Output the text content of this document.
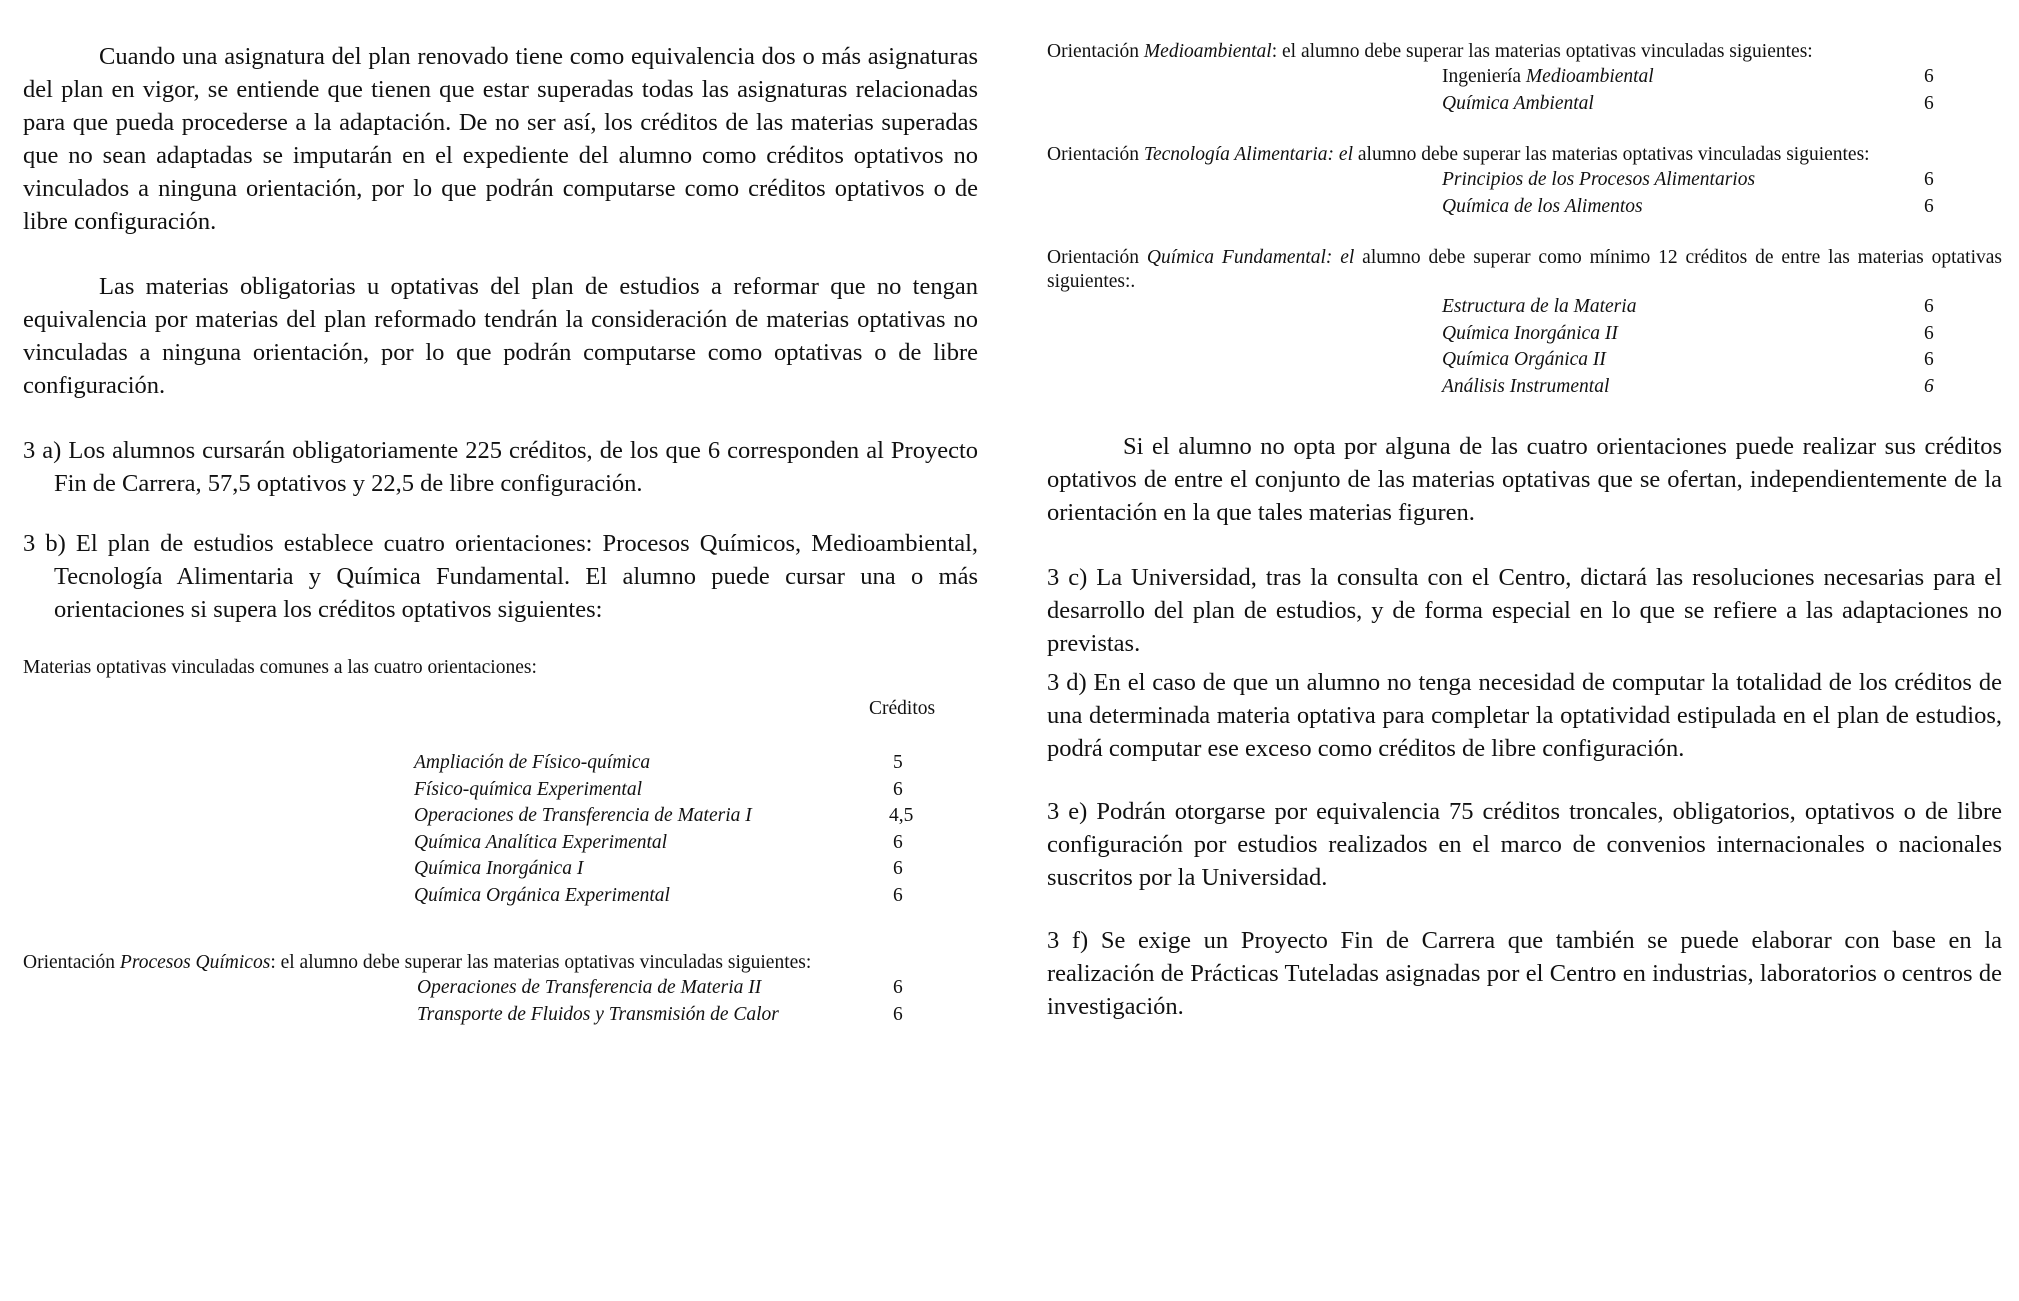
Cuando una asignatura del plan renovado tiene como equivalencia dos o más asignaturas del plan en vigor, se entiende que tienen que estar superadas todas las asignaturas relacionadas para que pueda procederse a la adaptación. De no ser así, los créditos de las materias superadas que no sean adaptadas se imputarán en el expediente del alumno como créditos optativos no vinculados a ninguna orientación, por lo que podrán computarse como créditos optativos o de libre configuración.

Las materias obligatorias u optativas del plan de estudios a reformar que no tengan equivalencia por materias del plan reformado tendrán la consideración de materias optativas no vinculadas a ninguna orientación, por lo que podrán computarse como optativas o de libre configuración.

3 a) Los alumnos cursarán obligatoriamente 225 créditos, de los que 6 corresponden al Proyecto Fin de Carrera, 57,5 optativos y 22,5 de libre configuración.

3 b) El plan de estudios establece cuatro orientaciones: Procesos Químicos, Medioambiental, Tecnología Alimentaria y Química Fundamental. El alumno puede cursar una o más orientaciones si supera los créditos optativos siguientes:

Materias optativas vinculadas comunes a las cuatro orientaciones:

Créditos
Ampliación de Físico-química	5
Físico-química Experimental	6
Operaciones de Transferencia de Materia I	4,5
Química Analítica Experimental	6
Química Inorgánica I	6
Química Orgánica Experimental	6

Orientación Procesos Químicos: el alumno debe superar las materias optativas vinculadas siguientes:

Operaciones de Transferencia de Materia II	6
Transporte de Fluidos y Transmisión de Calor	6

Orientación Medioambiental: el alumno debe superar las materias optativas vinculadas siguientes:

Ingeniería Medioambiental	6
Química Ambiental	6

Orientación Tecnología Alimentaria: el alumno debe superar las materias optativas vinculadas siguientes:

Principios de los Procesos Alimentarios	6
Química de los Alimentos	6

Orientación Química Fundamental: el alumno debe superar como mínimo 12 créditos de entre las materias optativas siguientes:.

Estructura de la Materia	6
Química Inorgánica II	6
Química Orgánica II	6
Análisis Instrumental	6

Si el alumno no opta por alguna de las cuatro orientaciones puede realizar sus créditos optativos de entre el conjunto de las materias optativas que se ofertan, independientemente de la orientación en la que tales materias figuren.

3 c) La Universidad, tras la consulta con el Centro, dictará las resoluciones necesarias para el desarrollo del plan de estudios, y de forma especial en lo que se refiere a las adaptaciones no previstas.

3 d) En el caso de que un alumno no tenga necesidad de computar la totalidad de los créditos de una determinada materia optativa para completar la optatividad estipulada en el plan de estudios, podrá computar ese exceso como créditos de libre configuración.

3 e) Podrán otorgarse por equivalencia 75 créditos troncales, obligatorios, optativos o de libre configuración por estudios realizados en el marco de convenios internacionales o nacionales suscritos por la Universidad.

3 f) Se exige un Proyecto Fin de Carrera que también se puede elaborar con base en la realización de Prácticas Tuteladas asignadas por el Centro en industrias, laboratorios o centros de investigación.
